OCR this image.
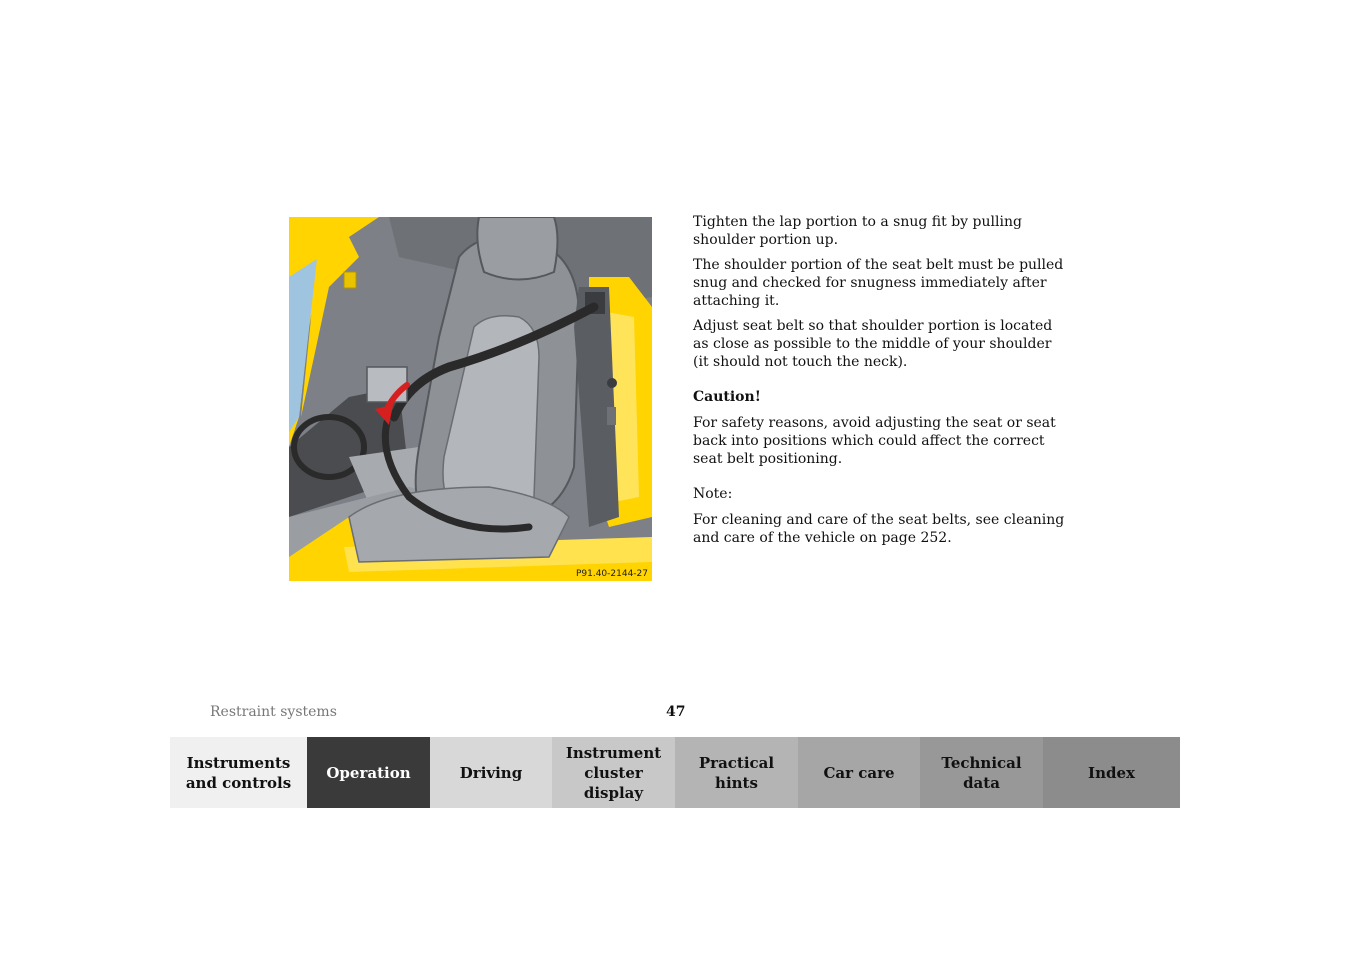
P91.40-2144-27

Tighten the lap portion to a snug fit by pulling shoulder portion up.

The shoulder portion of the seat belt must be pulled snug and checked for snugness immediately after attaching it.

Adjust seat belt so that shoulder portion is located as close as possible to the middle of your shoulder (it should not touch the neck).

Caution!

For safety reasons, avoid adjusting the seat or seat back into positions which could affect the correct seat belt positioning.

Note:

For cleaning and care of the seat belts, see cleaning and care of the vehicle on page 252.

Restraint systems	47
Instruments
and controls
Operation	Driving
Instrument
cluster display
Practical hints
Car care
Technical
data
Index
